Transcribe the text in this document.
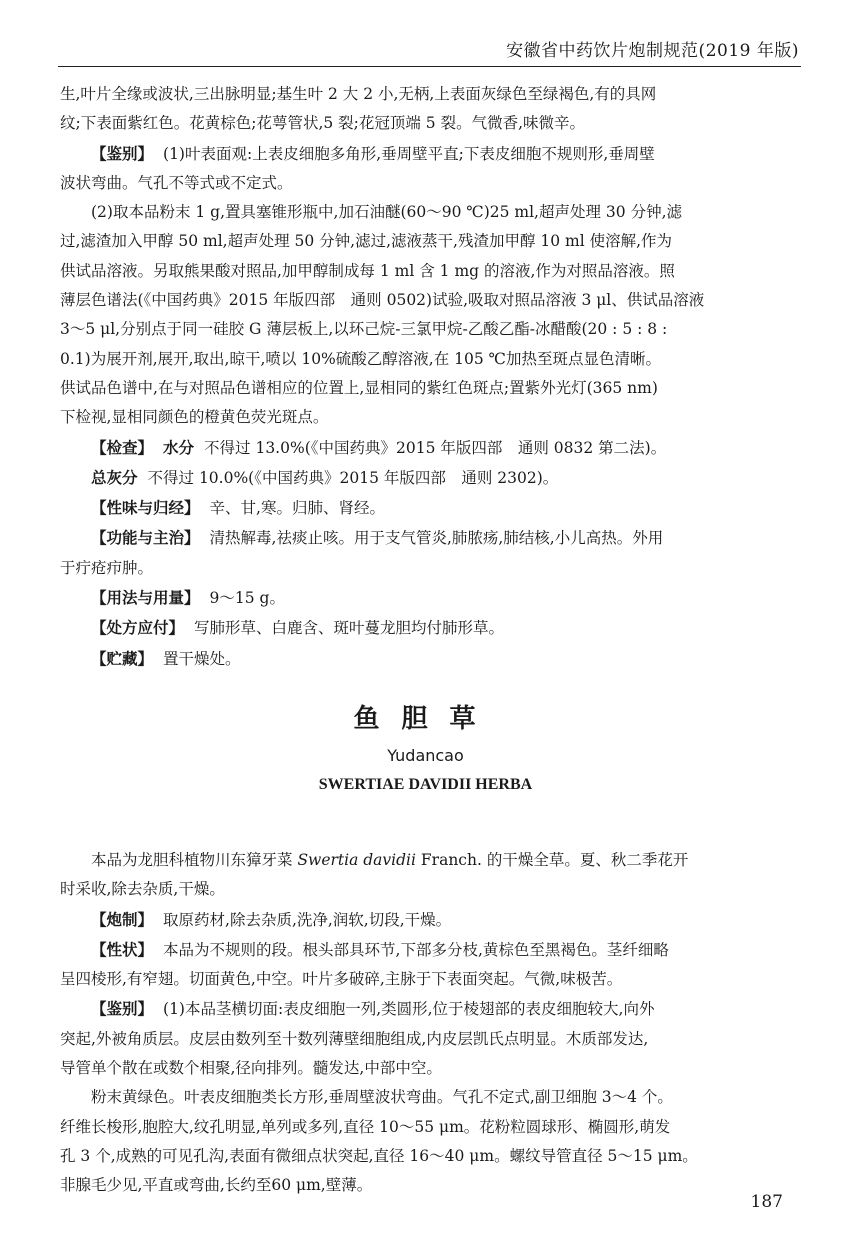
安徽省中药饮片炮制规范(2019 年版)

生,叶片全缘或波状,三出脉明显;基生叶 2 大 2 小,无柄,上表面灰绿色至绿褐色,有的具网

纹;下表面紫红色。花黄棕色;花萼管状,5 裂;花冠顶端 5 裂。气微香,味微辛。

【鉴别】 (1)叶表面观:上表皮细胞多角形,垂周壁平直;下表皮细胞不规则形,垂周壁

波状弯曲。气孔不等式或不定式。

(2)取本品粉末 1 g,置具塞锥形瓶中,加石油醚(60～90 ℃)25 ml,超声处理 30 分钟,滤

过,滤渣加入甲醇 50 ml,超声处理 50 分钟,滤过,滤液蒸干,残渣加甲醇 10 ml 使溶解,作为

供试品溶液。另取熊果酸对照品,加甲醇制成每 1 ml 含 1 mg 的溶液,作为对照品溶液。照

薄层色谱法(《中国药典》2015 年版四部　通则 0502)试验,吸取对照品溶液 3 μl、供试品溶液

3～5 μl,分别点于同一硅胶 G 薄层板上,以环己烷-三氯甲烷-乙酸乙酯-冰醋酸(20 : 5 : 8 :

0.1)为展开剂,展开,取出,晾干,喷以 10%硫酸乙醇溶液,在 105 ℃加热至斑点显色清晰。

供试品色谱中,在与对照品色谱相应的位置上,显相同的紫红色斑点;置紫外光灯(365 nm)

下检视,显相同颜色的橙黄色荧光斑点。

【检查】 水分 不得过 13.0%(《中国药典》2015 年版四部　通则 0832 第二法)。

总灰分 不得过 10.0%(《中国药典》2015 年版四部　通则 2302)。

【性味与归经】 辛、甘,寒。归肺、肾经。

【功能与主治】 清热解毒,祛痰止咳。用于支气管炎,肺脓疡,肺结核,小儿高热。外用

于疔疮疖肿。

【用法与用量】 9～15 g。

【处方应付】 写肺形草、白鹿含、斑叶蔓龙胆均付肺形草。

【贮藏】 置干燥处。

鱼胆草
Yudancao
SWERTIAE DAVIDII HERBA

本品为龙胆科植物川东獐牙菜 Swertia davidii Franch. 的干燥全草。夏、秋二季花开

时采收,除去杂质,干燥。

【炮制】 取原药材,除去杂质,洗净,润软,切段,干燥。

【性状】 本品为不规则的段。根头部具环节,下部多分枝,黄棕色至黑褐色。茎纤细略

呈四棱形,有窄翅。切面黄色,中空。叶片多破碎,主脉于下表面突起。气微,味极苦。

【鉴别】 (1)本品茎横切面:表皮细胞一列,类圆形,位于棱翅部的表皮细胞较大,向外

突起,外被角质层。皮层由数列至十数列薄壁细胞组成,内皮层凯氏点明显。木质部发达,

导管单个散在或数个相聚,径向排列。髓发达,中部中空。

粉末黄绿色。叶表皮细胞类长方形,垂周壁波状弯曲。气孔不定式,副卫细胞 3～4 个。

纤维长梭形,胞腔大,纹孔明显,单列或多列,直径 10～55 μm。花粉粒圆球形、椭圆形,萌发

孔 3 个,成熟的可见孔沟,表面有微细点状突起,直径 16～40 μm。螺纹导管直径 5～15 μm。

非腺毛少见,平直或弯曲,长约至60 μm,壁薄。

187
